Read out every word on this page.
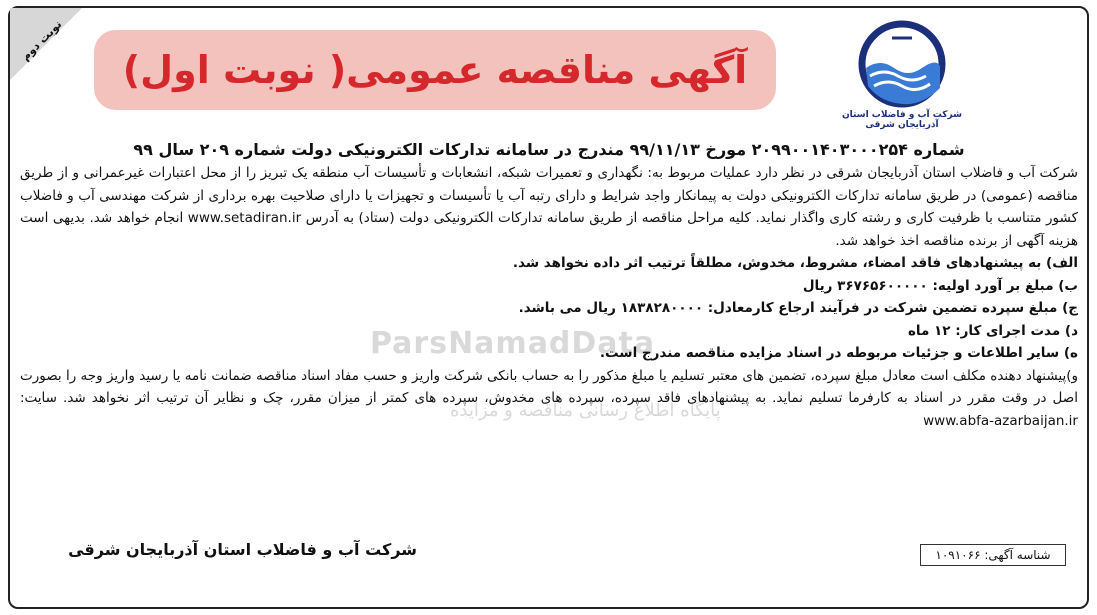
نوبت دوم
آگهی مناقصه عمومی( نوبت اول)
شرکت آب و فاضلاب استان آذربایجان شرقی
ParsNamadData
پایگاه اطلاع رسانی مناقصه و مزایده
شماره ۲۰۹۹۰۰۱۴۰۳۰۰۰۲۵۴ مورخ ۹۹/۱۱/۱۳ مندرج در سامانه تدارکات الکترونیکی دولت شماره ۲۰۹ سال ۹۹
شرکت آب و فاضلاب استان آذربایجان شرقی در نظر دارد عملیات مربوط به: نگهداری و تعمیرات شبکه، انشعابات و تأسیسات آب منطقه یک تبریز را از محل اعتبارات غیرعمرانی و از طریق مناقصه (عمومی) در طریق سامانه تدارکات الکترونیکی دولت به پیمانکار واجد شرایط و دارای رتبه آب یا تأسیسات و تجهیزات یا دارای صلاحیت بهره برداری از شرکت مهندسی آب و فاضلاب کشور متناسب با ظرفیت کاری و رشته کاری واگذار نماید. کلیه مراحل مناقصه از طریق سامانه تدارکات الکترونیکی دولت (ستاد) به آدرس www.setadiran.ir انجام خواهد شد. بدیهی است هزینه آگهی از برنده مناقصه اخذ خواهد شد.
الف) به پیشنهادهای فاقد امضاء، مشروط، مخدوش، مطلقاً ترتیب اثر داده نخواهد شد.
ب) مبلغ بر آورد اولیه: ۳۶۷۶۵۶۰۰۰۰۰ ریال
ج) مبلغ سپرده تضمین شرکت در فرآیند ارجاع کارمعادل: ۱۸۳۸۲۸۰۰۰۰ ریال می باشد.
د) مدت اجرای کار: ۱۲ ماه
ه) سایر اطلاعات و جزئیات مربوطه در اسناد مزایده مناقصه مندرج است.
و)پیشنهاد دهنده مکلف است معادل مبلغ سپرده، تضمین های معتبر تسلیم یا مبلغ مذکور را به حساب بانکی شرکت واریز و حسب مفاد اسناد مناقصه ضمانت نامه یا رسید واریز وجه را بصورت اصل در وقت مقرر در اسناد به کارفرما تسلیم نماید. به پیشنهادهای فاقد سپرده، سپرده های مخدوش، سپرده های کمتر از میزان مقرر، چک و نظایر آن ترتیب اثر نخواهد شد. سایت: www.abfa-azarbaijan.ir
شرکت آب و فاضلاب استان آذربایجان شرقی	شناسه آگهی: ۱۰۹۱۰۶۶
